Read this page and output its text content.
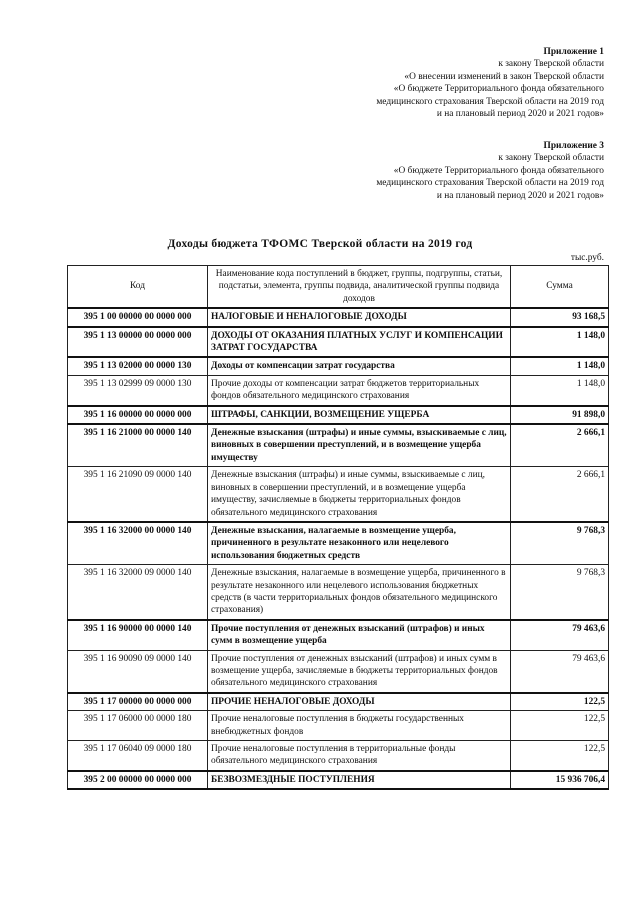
Приложение 1
к закону Тверской области
«О внесении изменений в закон Тверской области
«О бюджете Территориального фонда обязательного
медицинского страхования Тверской области на 2019 год
и на плановый период 2020 и 2021 годов»
Приложение 3
к закону Тверской области
«О бюджете Территориального фонда обязательного
медицинского страхования Тверской области на 2019 год
и на плановый период 2020 и 2021 годов»
Доходы бюджета ТФОМС Тверской области на 2019 год
тыс.руб.
Код	Наименование кода поступлений в бюджет, группы, подгруппы, статьи, подстатьи, элемента, группы подвида, аналитической группы подвида доходов	Сумма
395 1 00 00000 00 0000 000	НАЛОГОВЫЕ И НЕНАЛОГОВЫЕ ДОХОДЫ	93 168,5
395 1 13 00000 00 0000 000	ДОХОДЫ ОТ ОКАЗАНИЯ ПЛАТНЫХ УСЛУГ И КОМПЕНСАЦИИ ЗАТРАТ ГОСУДАРСТВА	1 148,0
395 1 13 02000 00 0000 130	Доходы от компенсации затрат государства	1 148,0
395 1 13 02999 09 0000 130	Прочие доходы от компенсации затрат бюджетов территориальных фондов обязательного медицинского страхования	1 148,0
395 1 16 00000 00 0000 000	ШТРАФЫ, САНКЦИИ, ВОЗМЕЩЕНИЕ УЩЕРБА	91 898,0
395 1 16 21000 00 0000 140	Денежные взыскания (штрафы) и иные суммы, взыскиваемые с лиц, виновных в совершении преступлений, и в возмещение ущерба имуществу	2 666,1
395 1 16 21090 09 0000 140	Денежные взыскания (штрафы) и иные суммы, взыскиваемые с лиц, виновных в совершении преступлений, и в возмещение ущерба имуществу, зачисляемые в бюджеты территориальных фондов обязательного медицинского страхования	2 666,1
395 1 16 32000 00 0000 140	Денежные взыскания, налагаемые в возмещение ущерба, причиненного в результате незаконного или нецелевого использования бюджетных средств	9 768,3
395 1 16 32000 09 0000 140	Денежные взыскания, налагаемые в возмещение ущерба, причиненного в результате незаконного или нецелевого использования бюджетных средств (в части территориальных фондов обязательного медицинского страхования)	9 768,3
395 1 16 90000 00 0000 140	Прочие поступления от денежных взысканий (штрафов) и иных сумм в возмещение ущерба	79 463,6
395 1 16 90090 09 0000 140	Прочие поступления от денежных взысканий (штрафов) и иных сумм в возмещение ущерба, зачисляемые в бюджеты территориальных фондов обязательного медицинского страхования	79 463,6
395 1 17 00000 00 0000 000	ПРОЧИЕ НЕНАЛОГОВЫЕ ДОХОДЫ	122,5
395 1 17 06000 00 0000 180	Прочие неналоговые поступления в бюджеты государственных внебюджетных фондов	122,5
395 1 17 06040 09 0000 180	Прочие неналоговые поступления в территориальные фонды обязательного медицинского страхования	122,5
395 2 00 00000 00 0000 000	БЕЗВОЗМЕЗДНЫЕ ПОСТУПЛЕНИЯ	15 936 706,4
